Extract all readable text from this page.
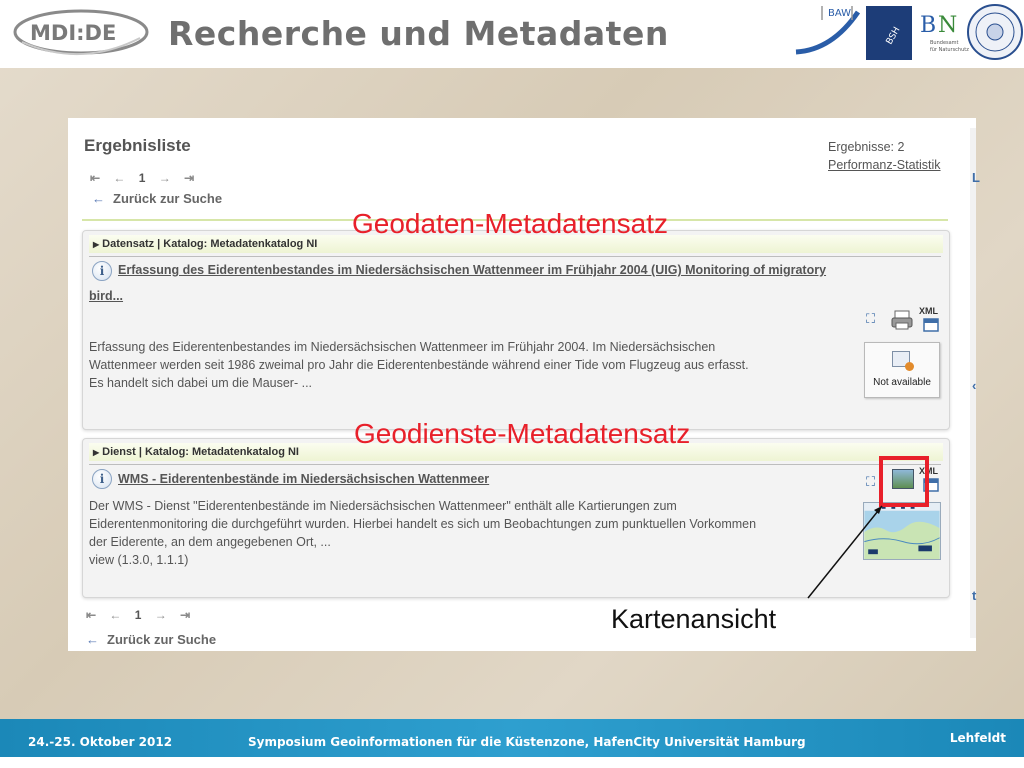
MDI:DE Recherche und Metadaten
BAW
BSH B N
Bundesamt
für Naturschutz
L
‹
t
Ergebnisliste	Ergebnisse: 2
Performanz-Statistik
⇤ ← 1 → ⇥
← Zurück zur Suche
▶ Datensatz | Katalog: Metadatenkatalog NI
i	Erfassung des Eiderentenbestandes im Niedersächsischen Wattenmeer im Frühjahr 2004 (UIG) Monitoring of migratory
bird...
⛶	XML
Erfassung des Eiderentenbestandes im Niedersächsischen Wattenmeer im Frühjahr 2004. Im Niedersächsischen
Wattenmeer werden seit 1986 zweimal pro Jahr die Eiderentenbestände während einer Tide vom Flugzeug aus erfasst.
Es handelt sich dabei um die Mauser- ...	Not available
▶ Dienst | Katalog: Metadatenkatalog NI
i	WMS - Eiderentenbestände im Niedersächsischen Wattenmeer	⛶
XML
Der WMS - Dienst "Eiderentenbestände im Niedersächsischen Wattenmeer" enthält alle Kartierungen zum
Eiderentenmonitoring die durchgeführt wurden. Hierbei handelt es sich um Beobachtungen zum punktuellen Vorkommen
der Eiderente, an dem angegebenen Ort, ...
view (1.3.0, 1.1.1)
⇤ ← 1 → ⇥
← Zurück zur Suche
Geodaten-Metadatensatz
Geodienste-Metadatensatz
Kartenansicht
24.-25. Oktober 2012	Symposium Geoinformationen für die Küstenzone, HafenCity Universität Hamburg	Lehfeldt
